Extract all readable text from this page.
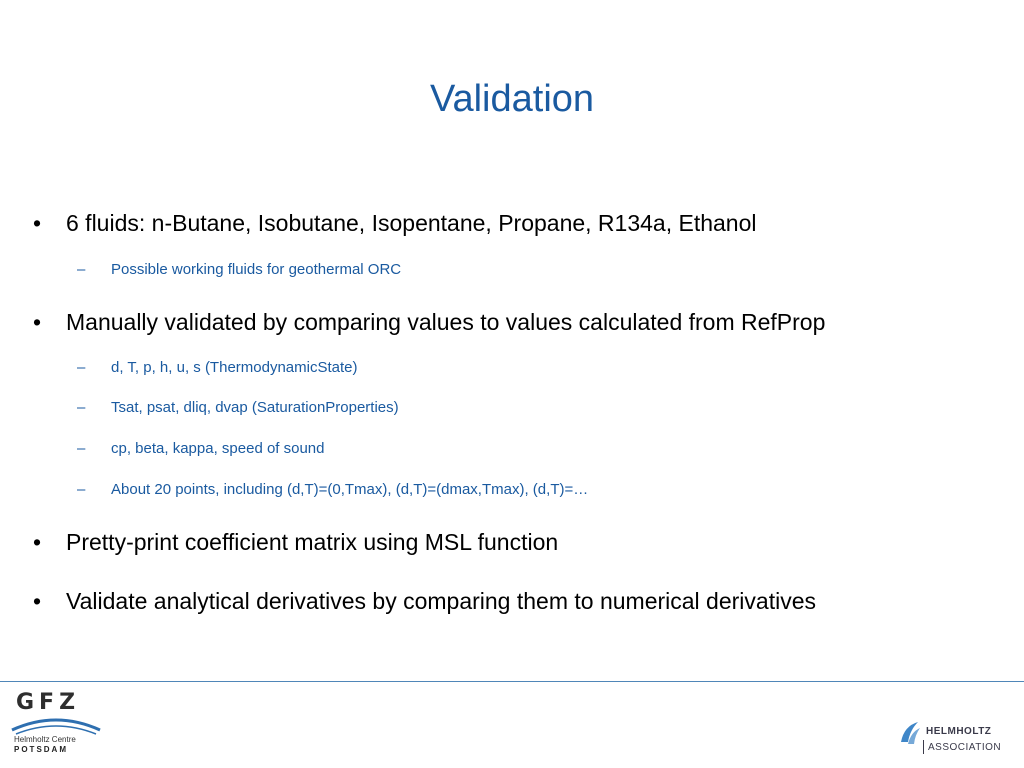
Validation
• 6 fluids: n-Butane, Isobutane, Isopentane, Propane, R134a, Ethanol
– Possible working fluids for geothermal ORC
• Manually validated by comparing values to values calculated from RefProp
– d, T, p, h, u, s (ThermodynamicState)
– Tsat, psat, dliq, dvap (SaturationProperties)
– cp, beta, kappa, speed of sound
– About 20 points, including (d,T)=(0,Tmax), (d,T)=(dmax,Tmax), (d,T)=…
• Pretty-print coefficient matrix using MSL function
• Validate analytical derivatives by comparing them to numerical derivatives
GFZ
Helmholtz Centre
POTSDAM
HELMHOLTZ
ASSOCIATION
